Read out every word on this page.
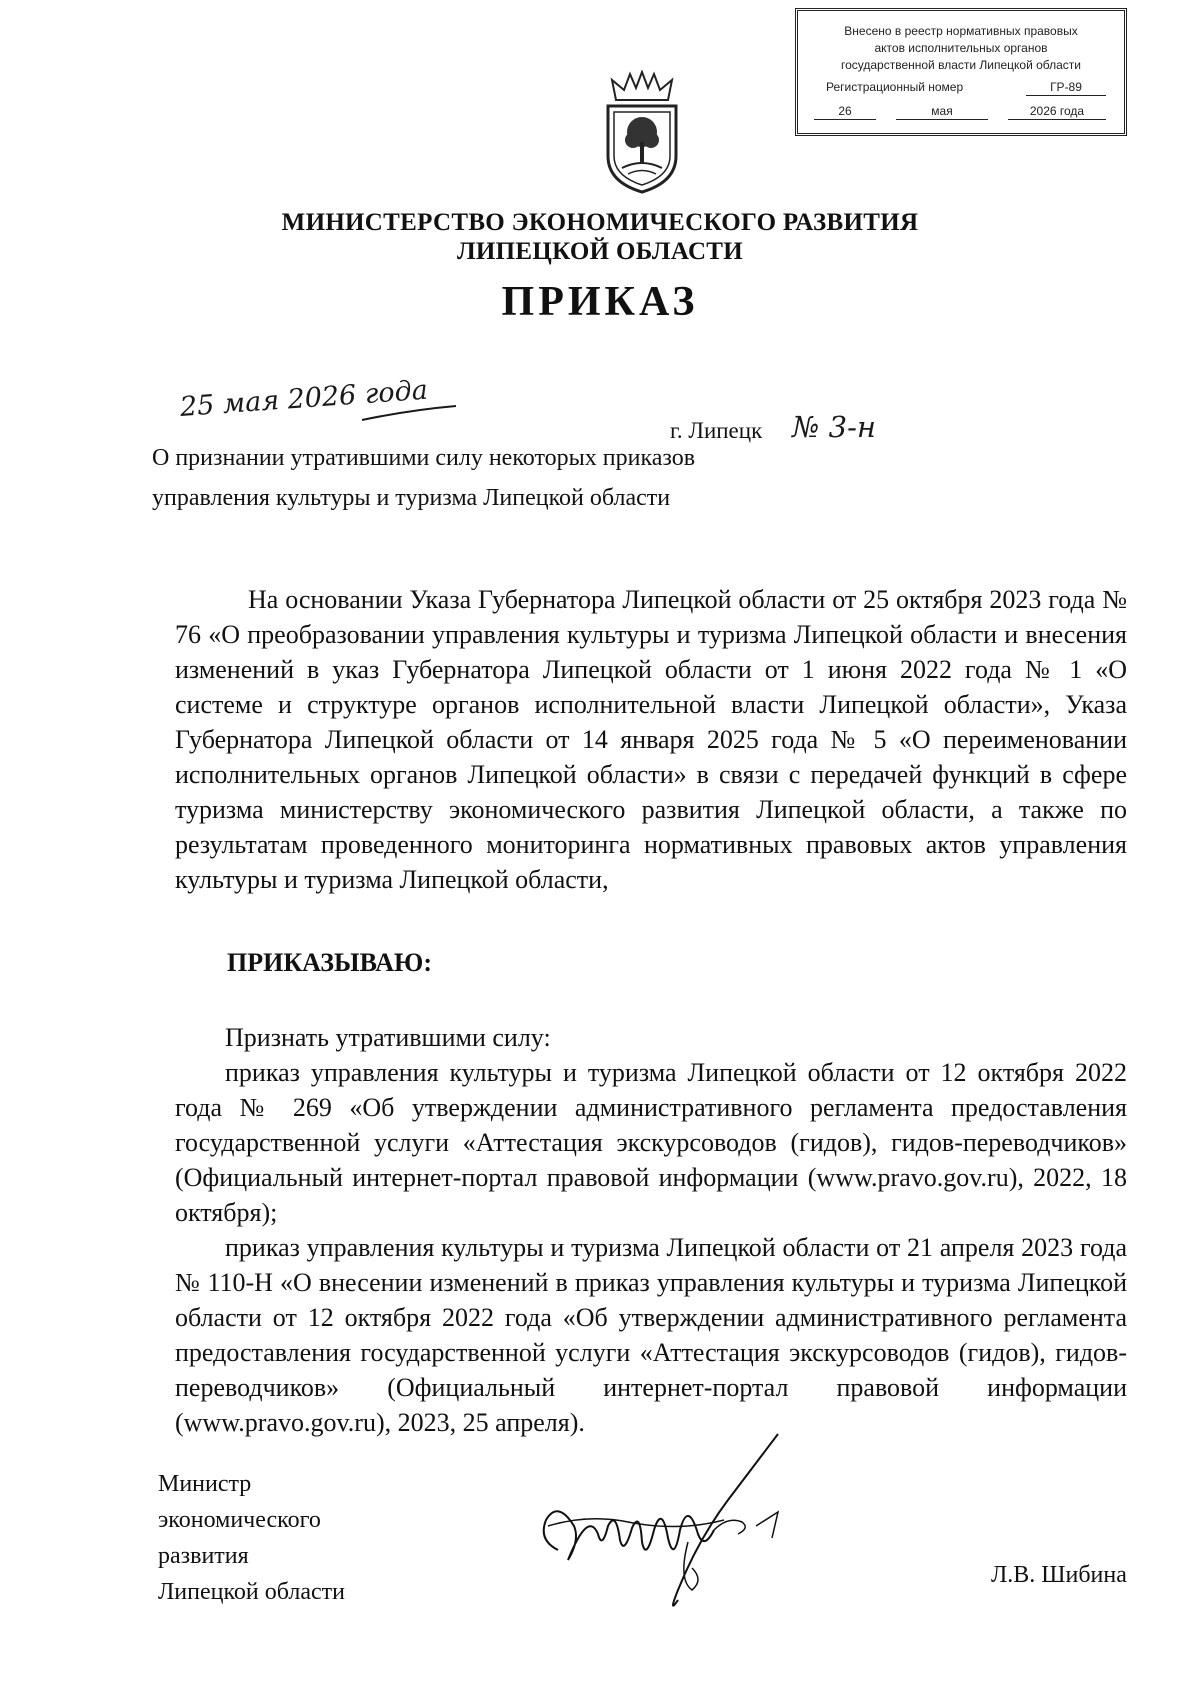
Внесено в реестр нормативных правовых
актов исполнительных органов
государственной власти Липецкой области
Регистрационный номер	ГР-89
26	мая	2026 года
МИНИСТЕРСТВО ЭКОНОМИЧЕСКОГО РАЗВИТИЯ
ЛИПЕЦКОЙ ОБЛАСТИ
ПРИКАЗ
25 мая 2026 года
г. Липецк № 3-н
О признании утратившими силу некоторых приказов управления культуры и туризма Липецкой области
На основании Указа Губернатора Липецкой области от 25 октября 2023 года № 76 «О преобразовании управления культуры и туризма Липецкой области и внесения изменений в указ Губернатора Липецкой области от 1 июня 2022 года № 1 «О системе и структуре органов исполнительной власти Липецкой области», Указа Губернатора Липецкой области от 14 января 2025 года № 5 «О переименовании исполнительных органов Липецкой области» в связи с передачей функций в сфере туризма министерству экономического развития Липецкой области, а также по результатам проведенного мониторинга нормативных правовых актов управления культуры и туризма Липецкой области,
ПРИКАЗЫВАЮ:
Признать утратившими силу:
приказ управления культуры и туризма Липецкой области от 12 октября 2022 года № 269 «Об утверждении административного регламента предоставления государственной услуги «Аттестация экскурсоводов (гидов), гидов-переводчиков» (Официальный интернет-портал правовой информации (www.pravo.gov.ru), 2022, 18 октября);
приказ управления культуры и туризма Липецкой области от 21 апреля 2023 года № 110-Н «О внесении изменений в приказ управления культуры и туризма Липецкой области от 12 октября 2022 года «Об утверждении административного регламента предоставления государственной услуги «Аттестация экскурсоводов (гидов), гидов-переводчиков» (Официальный интернет-портал правовой информации (www.pravo.gov.ru), 2023, 25 апреля).
Министр
экономического
развития
Липецкой области
Л.В. Шибина
